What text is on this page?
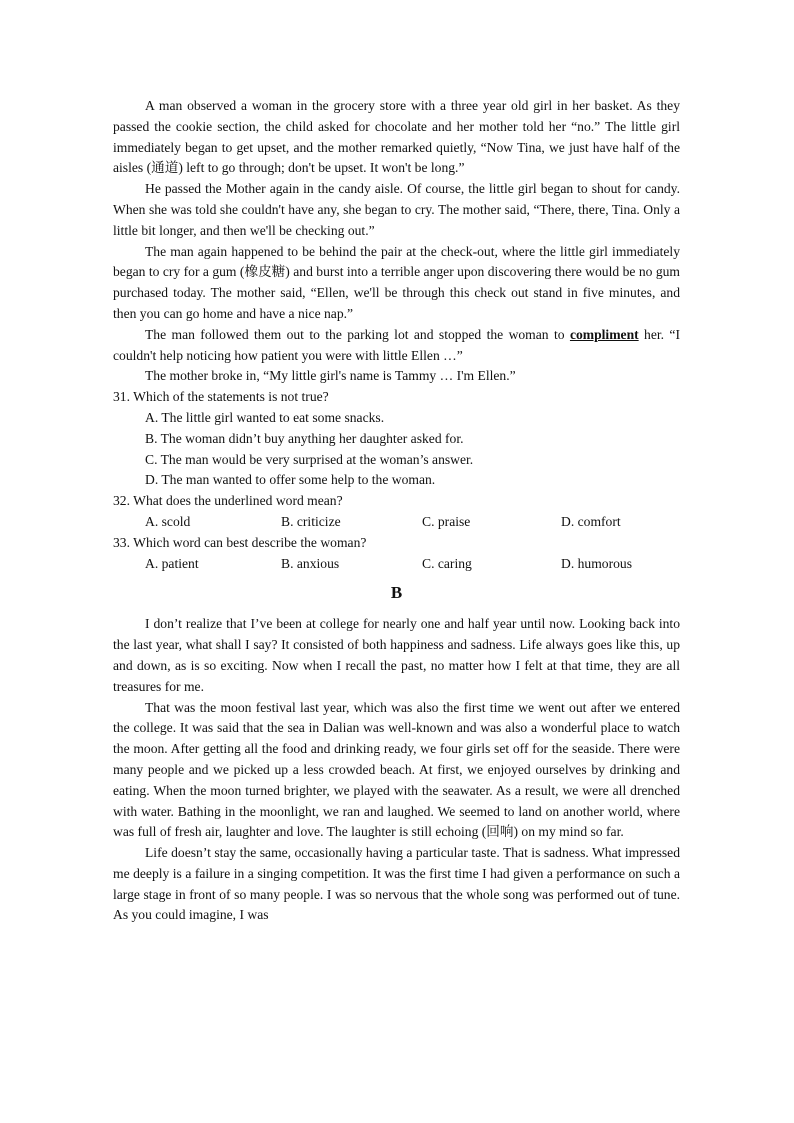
A man observed a woman in the grocery store with a three year old girl in her basket. As they passed the cookie section, the child asked for chocolate and her mother told her “no.” The little girl immediately began to get upset, and the mother remarked quietly, “Now Tina, we just have half of the aisles (通道) left to go through; don't be upset. It won't be long.”

He passed the Mother again in the candy aisle. Of course, the little girl began to shout for candy. When she was told she couldn't have any, she began to cry. The mother said, “There, there, Tina. Only a little bit longer, and then we'll be checking out.”

The man again happened to be behind the pair at the check-out, where the little girl immediately began to cry for a gum (橡皮糖) and burst into a terrible anger upon discovering there would be no gum purchased today. The mother said, “Ellen, we'll be through this check out stand in five minutes, and then you can go home and have a nice nap.”

The man followed them out to the parking lot and stopped the woman to compliment her. “I couldn't help noticing how patient you were with little Ellen …”

The mother broke in, “My little girl's name is Tammy … I'm Ellen.”

31. Which of the statements is not true?

A. The little girl wanted to eat some snacks.

B. The woman didn’t buy anything her daughter asked for.

C. The man would be very surprised at the woman’s answer.

D. The man wanted to offer some help to the woman.

32. What does the underlined word mean?

A. scold	B. criticize	C. praise	D. comfort

33. Which word can best describe the woman?

A. patient	B. anxious	C. caring	D. humorous
B

I don’t realize that I’ve been at college for nearly one and half year until now. Looking back into the last year, what shall I say? It consisted of both happiness and sadness. Life always goes like this, up and down, as is so exciting. Now when I recall the past, no matter how I felt at that time, they are all treasures for me.

That was the moon festival last year, which was also the first time we went out after we entered the college. It was said that the sea in Dalian was well-known and was also a wonderful place to watch the moon. After getting all the food and drinking ready, we four girls set off for the seaside. There were many people and we picked up a less crowded beach. At first, we enjoyed ourselves by drinking and eating. When the moon turned brighter, we played with the seawater. As a result, we were all drenched with water. Bathing in the moonlight, we ran and laughed. We seemed to land on another world, where was full of fresh air, laughter and love. The laughter is still echoing (回响) on my mind so far.

Life doesn’t stay the same, occasionally having a particular taste. That is sadness. What impressed me deeply is a failure in a singing competition. It was the first time I had given a performance on such a large stage in front of so many people. I was so nervous that the whole song was performed out of tune. As you could imagine, I was
